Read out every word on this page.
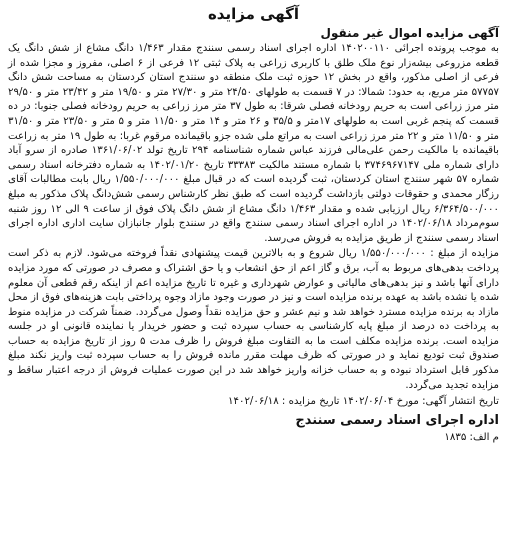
آگهی مزایده
آگهی مزایده اموال غیر منقول

به موجب پرونده اجرائی ۱۴۰۲۰۰۱۱۰ اداره اجرای اسناد رسمی سنندج مقدار ۱/۴۶۳ دانگ مشاع از شش دانگ یک قطعه مزروعی بیشه‌زار نوع ملک طلق با کاربری زراعی به پلاک ثبتی ۱۲ فرعی از ۶ اصلی، مفروز و مجزا شده از فرعی از اصلی مذکور، واقع در بخش ۱۲ حوزه ثبت ملک منطقه دو سنندج استان کردستان به مساحت شش دانگ ۵۷۷۵۷ متر مربع، به حدود: شمالا: در ۷ قسمت به طولهای ۲۴/۵۰ متر و ۲۷/۳۰ متر و ۱۹/۵۰ متر و ۲۳/۴۲ متر و ۲۹/۵۰ متر مرز زراعی است به حریم رودخانه فصلی شرقا: به طول ۳۷ متر مرز زراعی به حریم رودخانه فصلی جنوبا: در ده قسمت که پنجم غربی است به طولهای ۱۷متر و ۳۵/۵ و ۲۶ متر و ۱۴ متر و ۱۱/۵۰ متر و ۵ متر و ۲۳/۵۰ متر و ۳۱/۵۰ متر و ۱۱/۵۰ متر و ۲۲ متر مرز زراعی است به مراتع ملی شده جزو باقیمانده مرقوم غربا: به طول ۱۹ متر به زراعت باقیمانده با مالکیت رحمن علی‌مالی فرزند عباس شماره شناسنامه ۲۹۴ تاریخ تولد ۱۳۶۱/۰۶/۰۲ صادره از سرو آباد دارای شماره ملی ۳۷۴۶۹۶۷۱۴۷ با شماره مستند مالکیت ۳۳۳۸۳ تاریخ ۱۴۰۲/۰۱/۲۰ به شماره دفترخانه اسناد رسمی شماره ۵۷ شهر سنندج استان کردستان، ثبت گردیده است که در قبال مبلغ ۱/۵۵۰/۰۰۰/۰۰۰ ریال بابت مطالبات آقای رزگار محمدی و حقوقات دولتی بازداشت گردیده است که طبق نظر کارشناس رسمی شش‌دانگ پلاک مذکور به مبلغ ۶/۳۶۴/۵۰۰/۰۰۰ ریال ارزیابی شده و مقدار ۱/۴۶۳ دانگ مشاع از شش دانگ پلاک فوق از ساعت ۹ الی ۱۲ روز شنبه سوم‌مرداد ۱۴۰۲/۰۶/۱۸ در اداره اجرای اسناد رسمی سنندج واقع در سنندج بلوار جانبازان سایت اداری اداره اجرای اسناد رسمی سنندج از طریق مزایده به فروش می‌رسد.

مزایده از مبلغ : ۱/۵۵۰/۰۰۰/۰۰۰ ریال شروع و به بالاترین قیمت پیشنهادی نقداً فروخته می‌شود. لازم به ذکر است پرداخت بدهی‌های مربوط به آب، برق و گاز اعم از حق انشعاب و یا حق اشتراک و مصرف در صورتی که مورد مزایده دارای آنها باشد و نیز بدهی‌های مالیاتی و عوارض شهرداری و غیره تا تاریخ مزایده اعم از اینکه رقم قطعی آن معلوم شده یا نشده باشد به عهده برنده مزایده است و نیز در صورت وجود مازاد وجوه پرداختی بابت هزینه‌های فوق از محل مازاد به برنده مزایده مسترد خواهد شد و نیم عشر و حق مزایده نقداً وصول می‌گردد. ضمناً شرکت در مزایده منوط به پرداخت ده درصد از مبلغ پایه کارشناسی به حساب سپرده ثبت و حضور خریدار یا نماینده قانونی او در جلسه مزایده است. برنده مزایده مکلف است ما به التفاوت مبلغ فروش را ظرف مدت ۵ روز از تاریخ مزایده به حساب صندوق ثبت تودیع نماید و در صورتی که ظرف مهلت مقرر مانده فروش را به حساب سپرده ثبت واریز نکند مبلغ مذکور قابل استرداد نبوده و به حساب خزانه واریز خواهد شد در این صورت عملیات فروش از درجه اعتبار ساقط و مزایده تجدید می‌گردد.

تاریخ انتشار آگهی: مورخ ۱۴۰۲/۰۶/۰۴ تاریخ مزایده : ۱۴۰۲/۰۶/۱۸
اداره اجرای اسناد رسمی سنندج
م الف: ۱۸۳۵
